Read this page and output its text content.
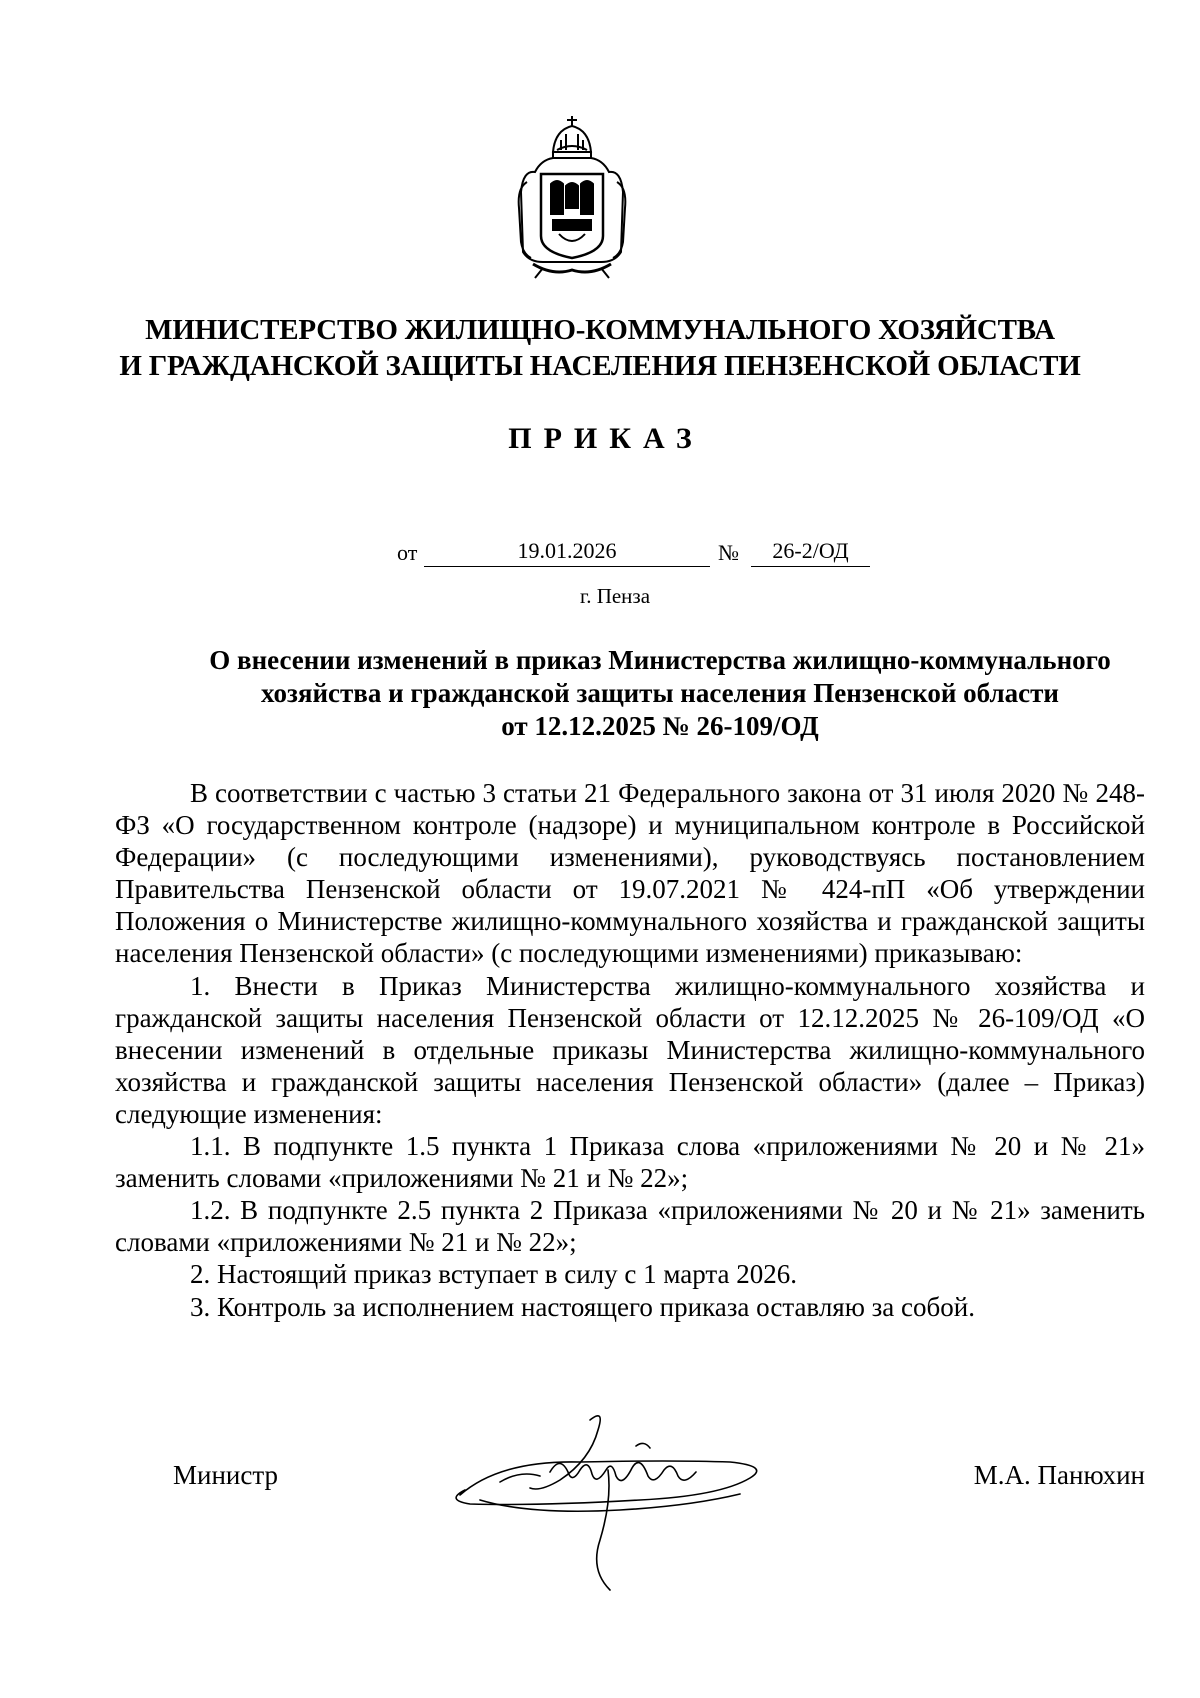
МИНИСТЕРСТВО ЖИЛИЩНО-КОММУНАЛЬНОГО ХОЗЯЙСТВА
И ГРАЖДАНСКОЙ ЗАЩИТЫ НАСЕЛЕНИЯ ПЕНЗЕНСКОЙ ОБЛАСТИ
ПРИКАЗ
от	19.01.2026	№	26-2/ОД
г. Пенза
О внесении изменений в приказ Министерства жилищно-коммунального
хозяйства и гражданской защиты населения Пензенской области
от 12.12.2025 № 26-109/ОД

В соответствии с частью 3 статьи 21 Федерального закона от 31 июля 2020 № 248-ФЗ «О государственном контроле (надзоре) и муниципальном контроле в Российской Федерации» (с последующими изменениями), руководствуясь постановлением Правительства Пензенской области от 19.07.2021 № 424-пП «Об утверждении Положения о Министерстве жилищно-коммунального хозяйства и гражданской защиты населения Пензенской области» (с последующими изменениями) приказываю:

1. Внести в Приказ Министерства жилищно-коммунального хозяйства и гражданской защиты населения Пензенской области от 12.12.2025 № 26-109/ОД «О внесении изменений в отдельные приказы Министерства жилищно-коммунального хозяйства и гражданской защиты населения Пензенской области» (далее – Приказ) следующие изменения:

1.1. В подпункте 1.5 пункта 1 Приказа слова «приложениями № 20 и № 21» заменить словами «приложениями № 21 и № 22»;

1.2. В подпункте 2.5 пункта 2 Приказа «приложениями № 20 и № 21» заменить словами «приложениями № 21 и № 22»;

2. Настоящий приказ вступает в силу с 1 марта 2026.

3. Контроль за исполнением настоящего приказа оставляю за собой.

Министр	М.А. Панюхин
